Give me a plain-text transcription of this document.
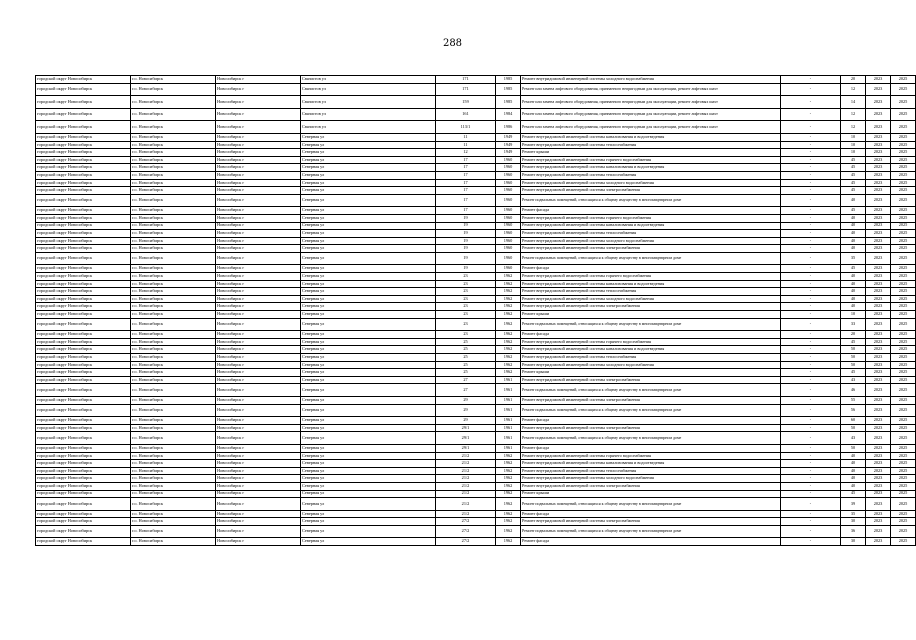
288
городской округ Новосибирск	г.о. Новосибирск	Новосибирск г	Связистов ул	171	1985	Ремонт внутридомовой инженерной системы холодного водоснабжения	-	20	2023	2025
городской округ Новосибирск	г.о. Новосибирск	Новосибирск г	Связистов ул	171	1985	Ремонт или замена лифтового оборудования, признанного непригодным для эксплуатации, ремонт лифтовых шахт	-	12	2023	2025
городской округ Новосибирск	г.о. Новосибирск	Новосибирск г	Связистов ул	159	1985	Ремонт или замена лифтового оборудования, признанного непригодным для эксплуатации, ремонт лифтовых шахт	-	14	2023	2025
городской округ Новосибирск	г.о. Новосибирск	Новосибирск г	Связистов ул	161	1984	Ремонт или замена лифтового оборудования, признанного непригодным для эксплуатации, ремонт лифтовых шахт	-	12	2023	2025
городской округ Новосибирск	г.о. Новосибирск	Новосибирск г	Связистов ул	113/1	1986	Ремонт или замена лифтового оборудования, признанного непригодным для эксплуатации, ремонт лифтовых шахт	-	12	2023	2025
городской округ Новосибирск	г.о. Новосибирск	Новосибирск г	Северная ул	11	1949	Ремонт внутридомовой инженерной системы канализования и водоотведения	-	10	2023	2025
городской округ Новосибирск	г.о. Новосибирск	Новосибирск г	Северная ул	11	1949	Ремонт внутридомовой инженерной системы теплоснабжения	-	10	2023	2025
городской округ Новосибирск	г.о. Новосибирск	Новосибирск г	Северная ул	12	1949	Ремонт крыши	-	10	2023	2025
городской округ Новосибирск	г.о. Новосибирск	Новосибирск г	Северная ул	17	1960	Ремонт внутридомовой инженерной системы горячего водоснабжения	-	45	2023	2025
городской округ Новосибирск	г.о. Новосибирск	Новосибирск г	Северная ул	17	1960	Ремонт внутридомовой инженерной системы канализования и водоотведения	-	45	2023	2025
городской округ Новосибирск	г.о. Новосибирск	Новосибирск г	Северная ул	17	1960	Ремонт внутридомовой инженерной системы теплоснабжения	-	45	2023	2025
городской округ Новосибирск	г.о. Новосибирск	Новосибирск г	Северная ул	17	1960	Ремонт внутридомовой инженерной системы холодного водоснабжения	-	45	2023	2025
городской округ Новосибирск	г.о. Новосибирск	Новосибирск г	Северная ул	17	1960	Ремонт внутридомовой инженерной системы электроснабжения	-	45	2023	2025
городской округ Новосибирск	г.о. Новосибирск	Новосибирск г	Северная ул	17	1960	Ремонт подвальных помещений, относящихся к общему имуществу в многоквартирном доме	-	40	2023	2025
городской округ Новосибирск	г.о. Новосибирск	Новосибирск г	Северная ул	17	1960	Ремонт фасада	-	45	2023	2025
городской округ Новосибирск	г.о. Новосибирск	Новосибирск г	Северная ул	19	1960	Ремонт внутридомовой инженерной системы горячего водоснабжения	-	40	2023	2025
городской округ Новосибирск	г.о. Новосибирск	Новосибирск г	Северная ул	19	1960	Ремонт внутридомовой инженерной системы канализования и водоотведения	-	40	2023	2025
городской округ Новосибирск	г.о. Новосибирск	Новосибирск г	Северная ул	19	1960	Ремонт внутридомовой инженерной системы теплоснабжения	-	40	2023	2025
городской округ Новосибирск	г.о. Новосибирск	Новосибирск г	Северная ул	19	1960	Ремонт внутридомовой инженерной системы холодного водоснабжения	-	40	2023	2025
городской округ Новосибирск	г.о. Новосибирск	Новосибирск г	Северная ул	19	1960	Ремонт внутридомовой инженерной системы электроснабжения	-	40	2023	2025
городской округ Новосибирск	г.о. Новосибирск	Новосибирск г	Северная ул	19	1960	Ремонт подвальных помещений, относящихся к общему имуществу в многоквартирном доме	-	35	2023	2025
городской округ Новосибирск	г.о. Новосибирск	Новосибирск г	Северная ул	19	1960	Ремонт фасада	-	45	2023	2025
городской округ Новосибирск	г.о. Новосибирск	Новосибирск г	Северная ул	23	1962	Ремонт внутридомовой инженерной системы горячего водоснабжения	-	40	2023	2025
городской округ Новосибирск	г.о. Новосибирск	Новосибирск г	Северная ул	23	1962	Ремонт внутридомовой инженерной системы канализования и водоотведения	-	40	2023	2025
городской округ Новосибирск	г.о. Новосибирск	Новосибирск г	Северная ул	23	1962	Ремонт внутридомовой инженерной системы теплоснабжения	-	40	2023	2025
городской округ Новосибирск	г.о. Новосибирск	Новосибирск г	Северная ул	23	1962	Ремонт внутридомовой инженерной системы холодного водоснабжения	-	40	2023	2025
городской округ Новосибирск	г.о. Новосибирск	Новосибирск г	Северная ул	23	1962	Ремонт внутридомовой инженерной системы электроснабжения	-	40	2023	2025
городской округ Новосибирск	г.о. Новосибирск	Новосибирск г	Северная ул	23	1962	Ремонт крыши	-	10	2023	2025
городской округ Новосибирск	г.о. Новосибирск	Новосибирск г	Северная ул	23	1962	Ремонт подвальных помещений, относящихся к общему имуществу в многоквартирном доме	-	33	2023	2025
городской округ Новосибирск	г.о. Новосибирск	Новосибирск г	Северная ул	23	1962	Ремонт фасада	-	20	2023	2025
городской округ Новосибирск	г.о. Новосибирск	Новосибирск г	Северная ул	25	1962	Ремонт внутридомовой инженерной системы горячего водоснабжения	-	45	2023	2025
городской округ Новосибирск	г.о. Новосибирск	Новосибирск г	Северная ул	25	1962	Ремонт внутридомовой инженерной системы канализования и водоотведения	-	50	2023	2025
городской округ Новосибирск	г.о. Новосибирск	Новосибирск г	Северная ул	25	1962	Ремонт внутридомовой инженерной системы теплоснабжения	-	50	2023	2025
городской округ Новосибирск	г.о. Новосибирск	Новосибирск г	Северная ул	25	1962	Ремонт внутридомовой инженерной системы холодного водоснабжения	-	50	2023	2025
городской округ Новосибирск	г.о. Новосибирск	Новосибирск г	Северная ул	25	1962	Ремонт крыши	-	45	2023	2025
городской округ Новосибирск	г.о. Новосибирск	Новосибирск г	Северная ул	27	1961	Ремонт внутридомовой инженерной системы электроснабжения	-	43	2023	2025
городской округ Новосибирск	г.о. Новосибирск	Новосибирск г	Северная ул	27	1961	Ремонт подвальных помещений, относящихся к общему имуществу в многоквартирном доме	-	46	2023	2025
городской округ Новосибирск	г.о. Новосибирск	Новосибирск г	Северная ул	29	1961	Ремонт внутридомовой инженерной системы электроснабжения	-	55	2023	2025
городской округ Новосибирск	г.о. Новосибирск	Новосибирск г	Северная ул	29	1961	Ремонт подвальных помещений, относящихся к общему имуществу в многоквартирном доме	-	56	2023	2025
городской округ Новосибирск	г.о. Новосибирск	Новосибирск г	Северная ул	29	1961	Ремонт фасада	-	60	2023	2025
городской округ Новосибирск	г.о. Новосибирск	Новосибирск г	Северная ул	29/1	1961	Ремонт внутридомовой инженерной системы электроснабжения	-	50	2023	2025
городской округ Новосибирск	г.о. Новосибирск	Новосибирск г	Северная ул	29/1	1961	Ремонт подвальных помещений, относящихся к общему имуществу в многоквартирном доме	-	43	2023	2025
городской округ Новосибирск	г.о. Новосибирск	Новосибирск г	Северная ул	29/1	1961	Ремонт фасада	-	50	2023	2025
городской округ Новосибирск	г.о. Новосибирск	Новосибирск г	Северная ул	21/2	1962	Ремонт внутридомовой инженерной системы горячего водоснабжения	-	40	2023	2025
городской округ Новосибирск	г.о. Новосибирск	Новосибирск г	Северная ул	21/2	1962	Ремонт внутридомовой инженерной системы канализования и водоотведения	-	40	2023	2025
городской округ Новосибирск	г.о. Новосибирск	Новосибирск г	Северная ул	21/2	1962	Ремонт внутридомовой инженерной системы теплоснабжения	-	40	2023	2025
городской округ Новосибирск	г.о. Новосибирск	Новосибирск г	Северная ул	21/2	1962	Ремонт внутридомовой инженерной системы холодного водоснабжения	-	40	2023	2025
городской округ Новосибирск	г.о. Новосибирск	Новосибирск г	Северная ул	21/2	1962	Ремонт внутридомовой инженерной системы электроснабжения	-	40	2023	2025
городской округ Новосибирск	г.о. Новосибирск	Новосибирск г	Северная ул	21/2	1962	Ремонт крыши	-	45	2023	2025
городской округ Новосибирск	г.о. Новосибирск	Новосибирск г	Северная ул	21/2	1962	Ремонт подвальных помещений, относящихся к общему имуществу в многоквартирном доме	-	39	2023	2025
городской округ Новосибирск	г.о. Новосибирск	Новосибирск г	Северная ул	21/2	1962	Ремонт фасада	-	35	2023	2025
городской округ Новосибирск	г.о. Новосибирск	Новосибирск г	Северная ул	27/2	1962	Ремонт внутридомовой инженерной системы электроснабжения	-	30	2023	2025
городской округ Новосибирск	г.о. Новосибирск	Новосибирск г	Северная ул	27/2	1962	Ремонт подвальных помещений, относящихся к общему имуществу в многоквартирном доме	-	36	2023	2025
городской округ Новосибирск	г.о. Новосибирск	Новосибирск г	Северная ул	27/2	1962	Ремонт фасада	-	30	2023	2025
